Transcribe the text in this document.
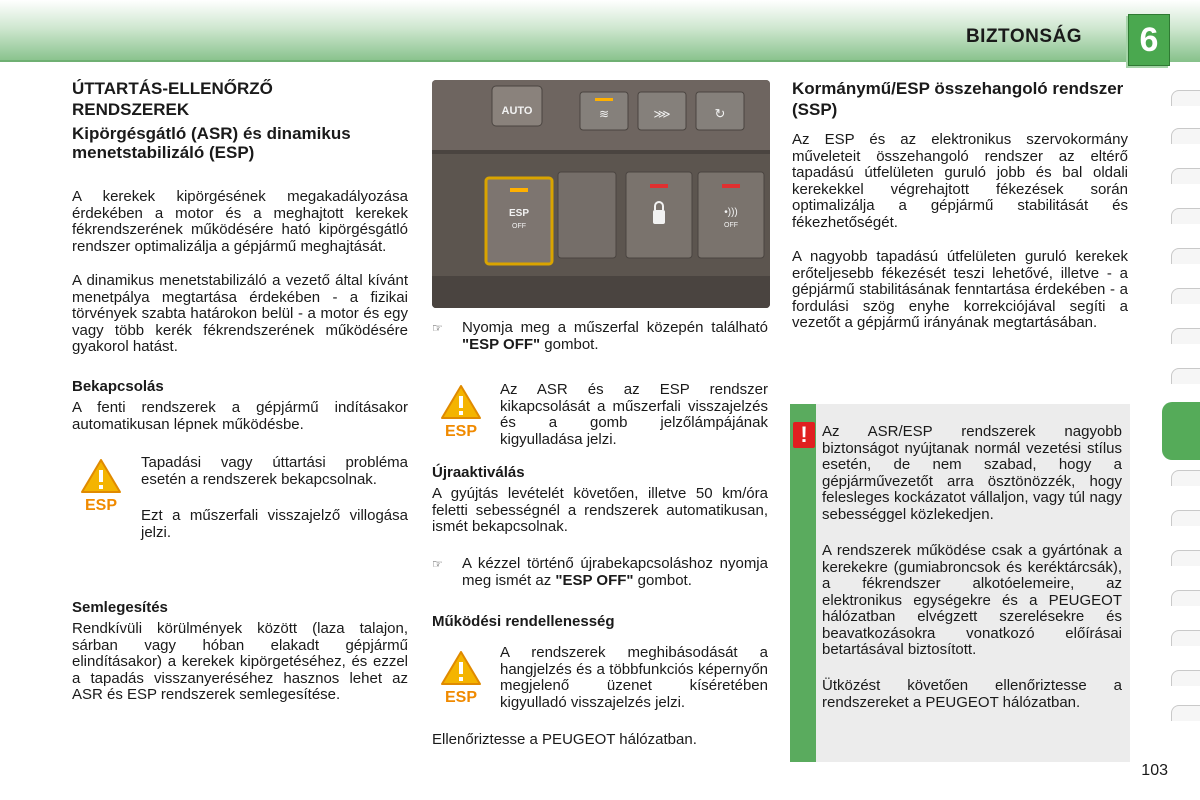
BIZTONSÁG	6
ÚTTARTÁS-ELLENŐRZŐ RENDSZEREK
Kipörgésgátló (ASR) és dinamikus menetstabilizáló (ESP)

A kerekek kipörgésének megakadályozása érdekében a motor és a meghajtott kerekek fékrendszerének működésére ható kipörgésgátló rendszer optimalizálja a gépjármű meghajtását.

A dinamikus menetstabilizáló a vezető által kívánt menetpálya megtartása érdekében - a fizikai törvények szabta határokon belül - a motor és egy vagy több kerék fékrendszerének működésére gyakorol hatást.

Bekapcsolás

A fenti rendszerek a gépjármű indításakor automatikusan lépnek működésbe.

ESP

Tapadási vagy úttartási probléma esetén a rendszerek bekapcsolnak.

Ezt a műszerfali visszajelző villogása jelzi.

Semlegesítés

Rendkívüli körülmények között (laza talajon, sárban vagy hóban elakadt gépjármű elindításakor) a kerekek kipörgetéséhez, és ezzel a tapadás visszanyeréséhez hasznos lehet az ASR és ESP rendszerek semlegesítése.

AUTO	≋	⋙	↻
ESP
OFF
•)))
OFF
☞ Nyomja meg a műszerfal közepén található "ESP OFF" gombot.

ESP

Az ASR és az ESP rendszer kikapcsolását a műszerfali visszajelzés és a gomb jelzőlámpájának kigyulladása jelzi.

Újraaktiválás

A gyújtás levételét követően, illetve 50 km/óra feletti sebességnél a rendszerek automatikusan, ismét bekapcsolnak.

☞ A kézzel történő újrabekapcsoláshoz nyomja meg ismét az "ESP OFF" gombot.

Működési rendellenesség
ESP

A rendszerek meghibásodását a hangjelzés és a többfunkciós képernyőn megjelenő üzenet kíséretében kigyulladó visszajelzés jelzi.

Ellenőriztesse a PEUGEOT hálózatban.

Kormánymű/ESP összehangoló rendszer (SSP)

Az ESP és az elektronikus szervokormány műveleteit összehangoló rendszer az eltérő tapadású útfelületen guruló jobb és bal oldali kerekekkel végrehajtott fékezések során optimalizálja a gépjármű stabilitását és fékezhetőségét.

A nagyobb tapadású útfelületen guruló kerekek erőteljesebb fékezését teszi lehetővé, illetve - a gépjármű stabilitásának fenntartása érdekében - a fordulási szög enyhe korrekciójával segíti a vezetőt a gépjármű irányának megtartásában.

! Az ASR/ESP rendszerek nagyobb biztonságot nyújtanak normál vezetési stílus esetén, de nem szabad, hogy a gépjárművezetőt arra ösztönözzék, hogy felesleges kockázatot vállaljon, vagy túl nagy sebességgel közlekedjen.

A rendszerek működése csak a gyártónak a kerekekre (gumiabroncsok és keréktárcsák), a fékrendszer alkotóelemeire, az elektronikus egységekre és a PEUGEOT hálózatban elvégzett szerelésekre és beavatkozásokra vonatkozó előírásai betartásával biztosított.

Ütközést követően ellenőriztesse a rendszereket a PEUGEOT hálózatban.

103
